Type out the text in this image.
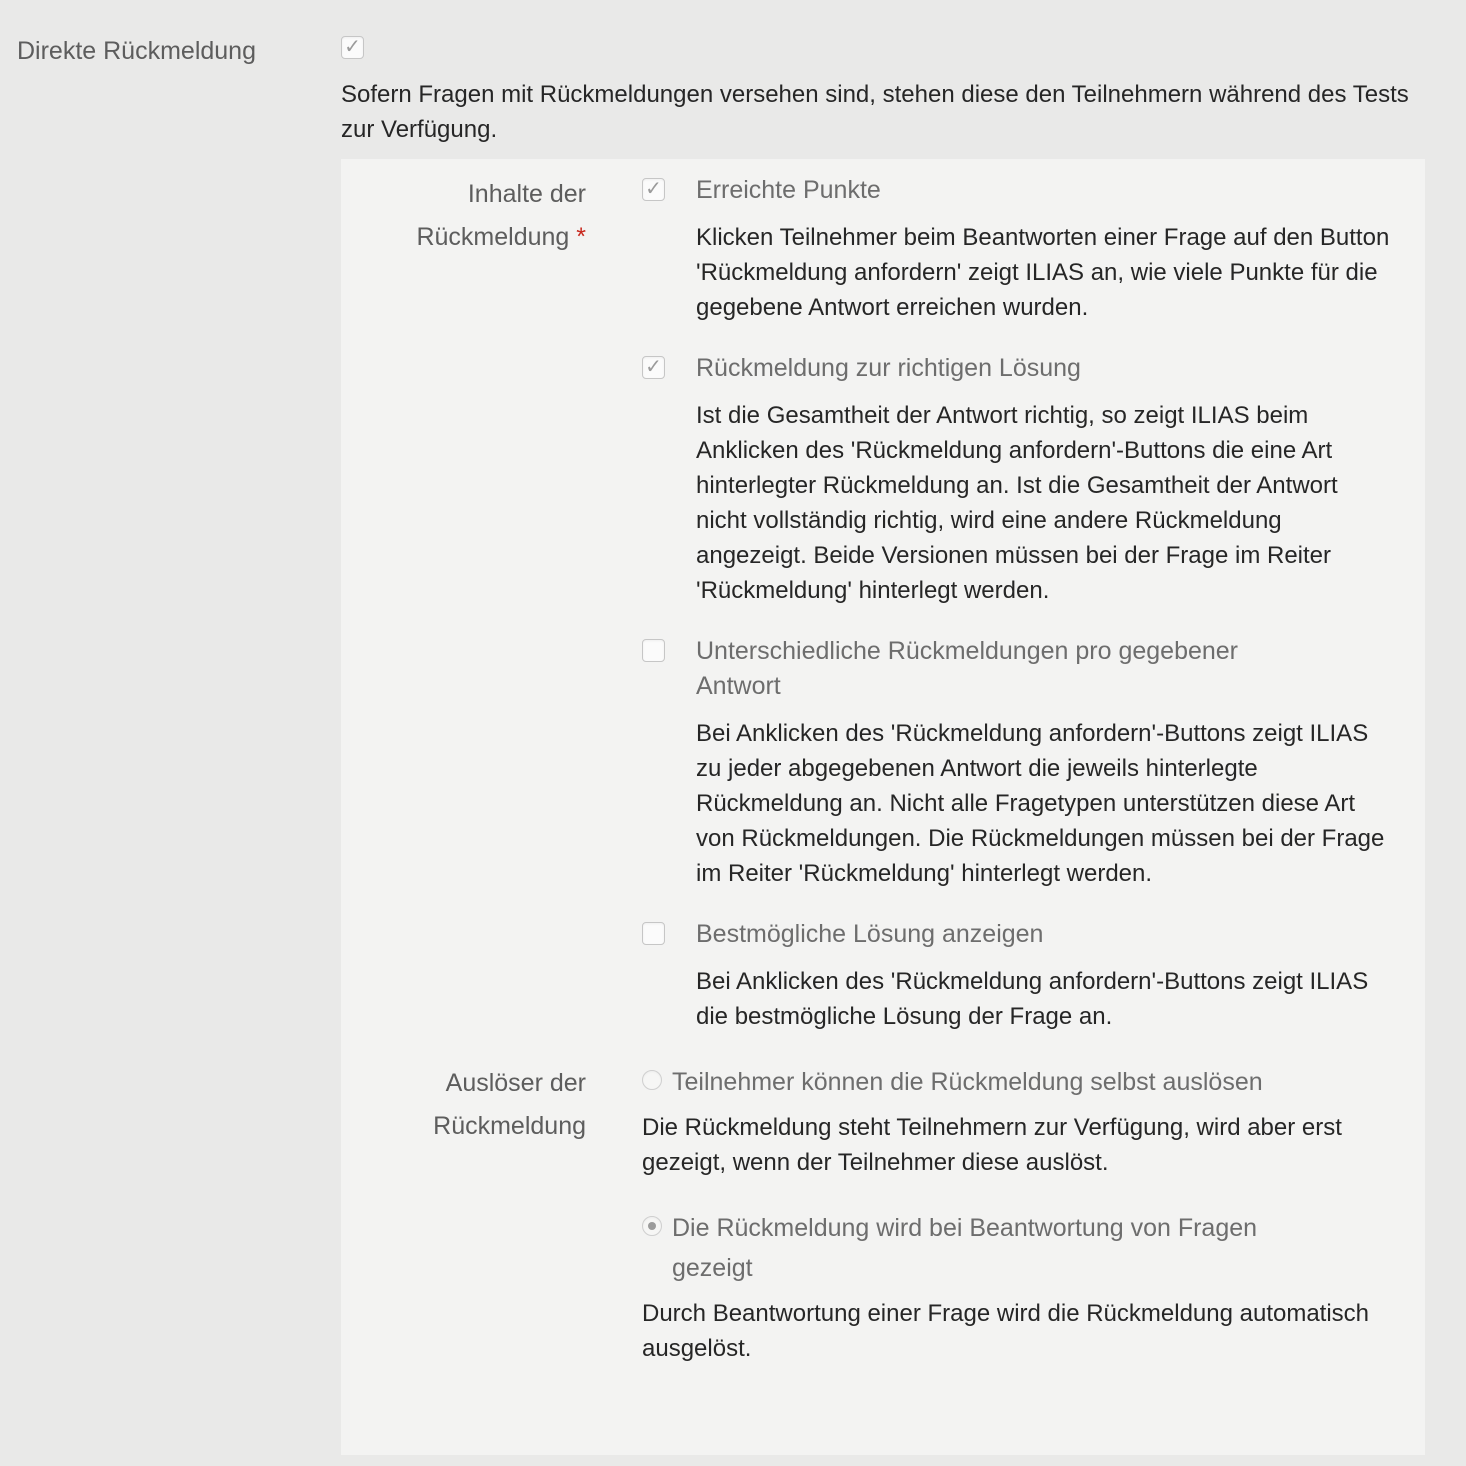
Direkte Rückmeldung	✓

Sofern Fragen mit Rückmeldungen versehen sind, stehen diese den Teilnehmern während des Tests zur Verfügung.

Inhalte der Rückmeldung *
✓ Erreichte Punkte

Klicken Teilnehmer beim Beantworten einer Frage auf den Button 'Rückmeldung anfordern' zeigt ILIAS an, wie viele Punkte für die gegebene Antwort erreichen wurden.

✓ Rückmeldung zur richtigen Lösung

Ist die Gesamtheit der Antwort richtig, so zeigt ILIAS beim Anklicken des 'Rückmeldung anfordern'-Buttons die eine Art hinterlegter Rückmeldung an. Ist die Gesamtheit der Antwort nicht vollständig richtig, wird eine andere Rückmeldung angezeigt. Beide Versionen müssen bei der Frage im Reiter 'Rückmeldung' hinterlegt werden.

Unterschiedliche Rückmeldungen pro gegebener Antwort

Bei Anklicken des 'Rückmeldung anfordern'-Buttons zeigt ILIAS zu jeder abgegebenen Antwort die jeweils hinterlegte Rückmeldung an. Nicht alle Fragetypen unterstützen diese Art von Rückmeldungen. Die Rückmeldungen müssen bei der Frage im Reiter 'Rückmeldung' hinterlegt werden.

Bestmögliche Lösung anzeigen

Bei Anklicken des 'Rückmeldung anfordern'-Buttons zeigt ILIAS die bestmögliche Lösung der Frage an.

Auslöser der Rückmeldung
Teilnehmer können die Rückmeldung selbst auslösen

Die Rückmeldung steht Teilnehmern zur Verfügung, wird aber erst gezeigt, wenn der Teilnehmer diese auslöst.

Die Rückmeldung wird bei Beantwortung von Fragen gezeigt

Durch Beantwortung einer Frage wird die Rückmeldung automatisch ausgelöst.
